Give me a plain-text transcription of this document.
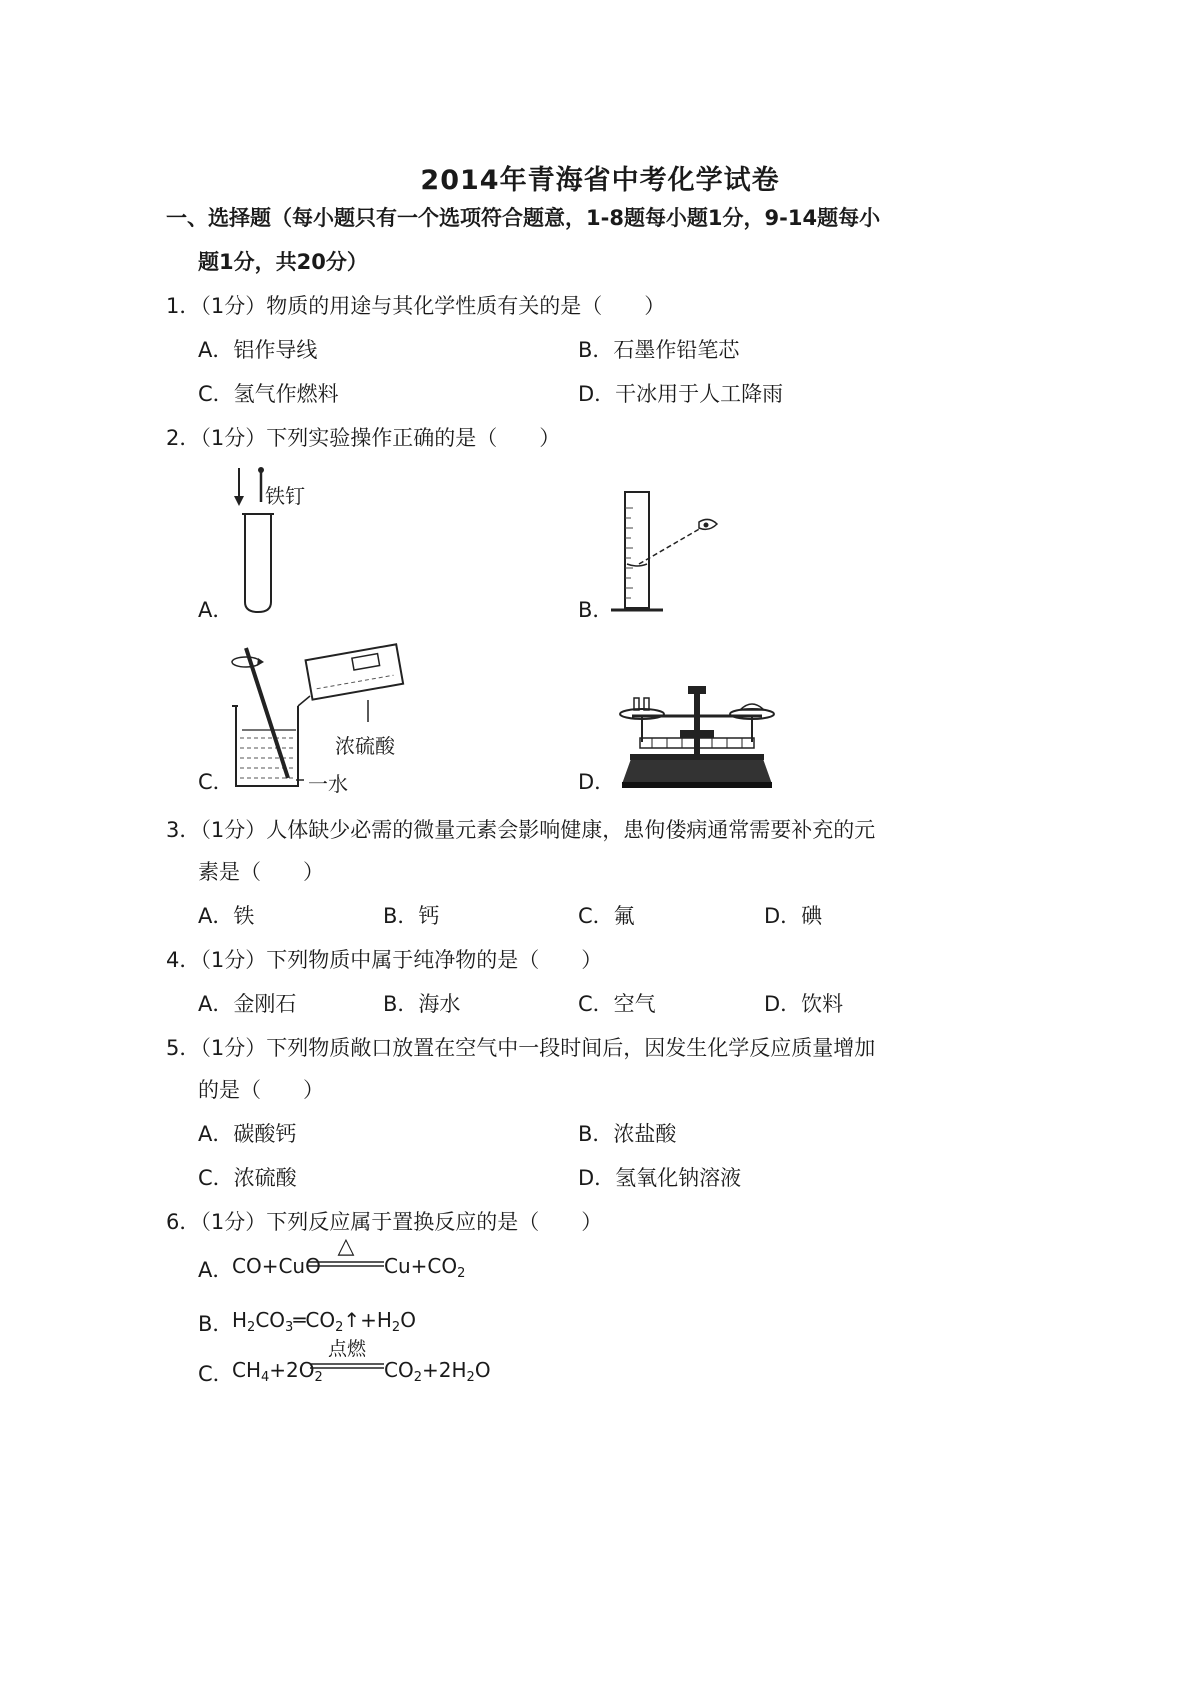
2014年青海省中考化学试卷
一、选择题（每小题只有一个选项符合题意，1-8题每小题1分，9-14题每小
题1分，共20分）
1．（1分）物质的用途与其化学性质有关的是（　　）
A．铝作导线	B．石墨作铅笔芯
C．氢气作燃料	D．干冰用于人工降雨
2．（1分）下列实验操作正确的是（　　）
A．
铁钉
B．
C．
浓硫酸
一水	D．
3．（1分）人体缺少必需的微量元素会影响健康，患佝偻病通常需要补充的元
素是（　　）
A．铁	B．钙	C．氟	D．碘
4．（1分）下列物质中属于纯净物的是（　　）
A．金刚石	B．海水	C．空气	D．饮料
5．（1分）下列物质敞口放置在空气中一段时间后，因发生化学反应质量增加
的是（　　）
A．碳酸钙	B．浓盐酸
C．浓硫酸	D．氢氧化钠溶液
6．（1分）下列反应属于置换反应的是（　　）
A．
CO+CuO
△
$Cu+CO_2$
B．
$H_2CO_3═CO_2↑+H_2O$
C．
$CH_4+2O_2$
点燃
$CO_2+2H_2O$
